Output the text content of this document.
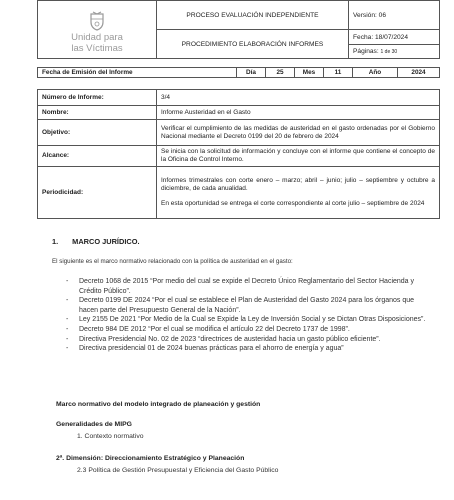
Unidad para
las Víctimas	PROCESO EVALUACIÓN INDEPENDIENTE	Versión: 06
	PROCEDIMIENTO ELABORACIÓN INFORMES	Fecha: 18/07/2024
		Páginas: 1 de 30
Fecha de Emisión del Informe	Día	25	Mes	11	Año	2024
Número de Informe:	3/4
Nombre:	Informe Austeridad en el Gasto
Objetivo:	Verificar el cumplimiento de las medidas de austeridad en el gasto ordenadas por el Gobierno Nacional mediante el Decreto 0199 del 20 de febrero de 2024
Alcance:	Se inicia con la solicitud de información y concluye con el informe que contiene el concepto de la Oficina de Control Interno.
Periodicidad:	Informes trimestrales con corte enero – marzo; abril – junio; julio – septiembre y octubre a diciembre, de cada anualidad.
En esta oportunidad se entrega el corte correspondiente al corte julio – septiembre de 2024
1. MARCO JURÍDICO.
El siguiente es el marco normativo relacionado con la política de austeridad en el gasto:
- Decreto 1068 de 2015 “Por medio del cual se expide el Decreto Único Reglamentario del Sector Hacienda y Crédito Público”.
- Decreto 0199 DE 2024 “Por el cual se establece el Plan de Austeridad del Gasto 2024 para los órganos que hacen parte del Presupuesto General de la Nación”.
- Ley 2155 De 2021 “Por Medio de la Cual se Expide la Ley de Inversión Social y se Dictan Otras Disposiciones”.
- Decreto 984 DE 2012 “Por el cual se modifica el artículo 22 del Decreto 1737 de 1998”.
- Directiva Presidencial No. 02 de 2023 “directrices de austeridad hacia un gasto público eficiente”.
- Directiva presidencial 01 de 2024 buenas prácticas para el ahorro de energía y agua”
Marco normativo del modelo integrado de planeación y gestión
Generalidades de MIPG
1. Contexto normativo
2ª. Dimensión: Direccionamiento Estratégico y Planeación
2.3 Política de Gestión Presupuestal y Eficiencia del Gasto Público
